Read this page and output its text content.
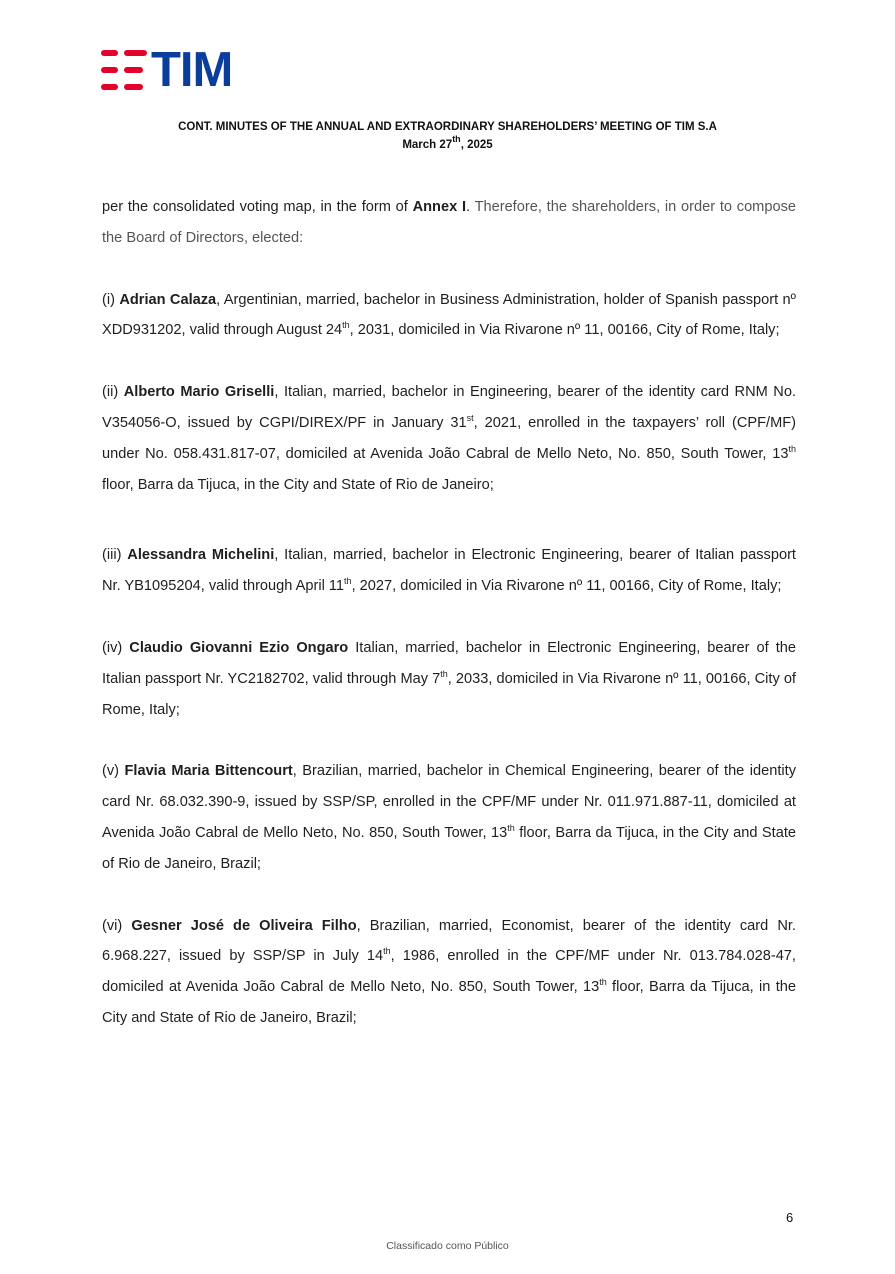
TIM
CONT. MINUTES OF THE ANNUAL AND EXTRAORDINARY SHAREHOLDERS’ MEETING OF TIM S.A
March 27th, 2025

per the consolidated voting map, in the form of Annex I. Therefore, the shareholders, in order to compose the Board of Directors, elected:

(i) Adrian Calaza, Argentinian, married, bachelor in Business Administration, holder of Spanish passport nº XDD931202, valid through August 24th, 2031, domiciled in Via Rivarone nº 11, 00166, City of Rome, Italy;

(ii) Alberto Mario Griselli, Italian, married, bachelor in Engineering, bearer of the identity card RNM No. V354056-O, issued by CGPI/DIREX/PF in January 31st, 2021, enrolled in the taxpayers’ roll (CPF/MF) under No. 058.431.817-07, domiciled at Avenida João Cabral de Mello Neto, No. 850, South Tower, 13th floor, Barra da Tijuca, in the City and State of Rio de Janeiro;

(iii) Alessandra Michelini, Italian, married, bachelor in Electronic Engineering, bearer of Italian passport Nr. YB1095204, valid through April 11th, 2027, domiciled in Via Rivarone nº 11, 00166, City of Rome, Italy;

(iv) Claudio Giovanni Ezio Ongaro Italian, married, bachelor in Electronic Engineering, bearer of the Italian passport Nr. YC2182702, valid through May 7th, 2033, domiciled in Via Rivarone nº 11, 00166, City of Rome, Italy;

(v) Flavia Maria Bittencourt, Brazilian, married, bachelor in Chemical Engineering, bearer of the identity card Nr. 68.032.390-9, issued by SSP/SP, enrolled in the CPF/MF under Nr. 011.971.887-11, domiciled at Avenida João Cabral de Mello Neto, No. 850, South Tower, 13th floor, Barra da Tijuca, in the City and State of Rio de Janeiro, Brazil;

(vi) Gesner José de Oliveira Filho, Brazilian, married, Economist, bearer of the identity card Nr. 6.968.227, issued by SSP/SP in July 14th, 1986, enrolled in the CPF/MF under Nr. 013.784.028-47, domiciled at Avenida João Cabral de Mello Neto, No. 850, South Tower, 13th floor, Barra da Tijuca, in the City and State of Rio de Janeiro, Brazil;

6
Classificado como Público
